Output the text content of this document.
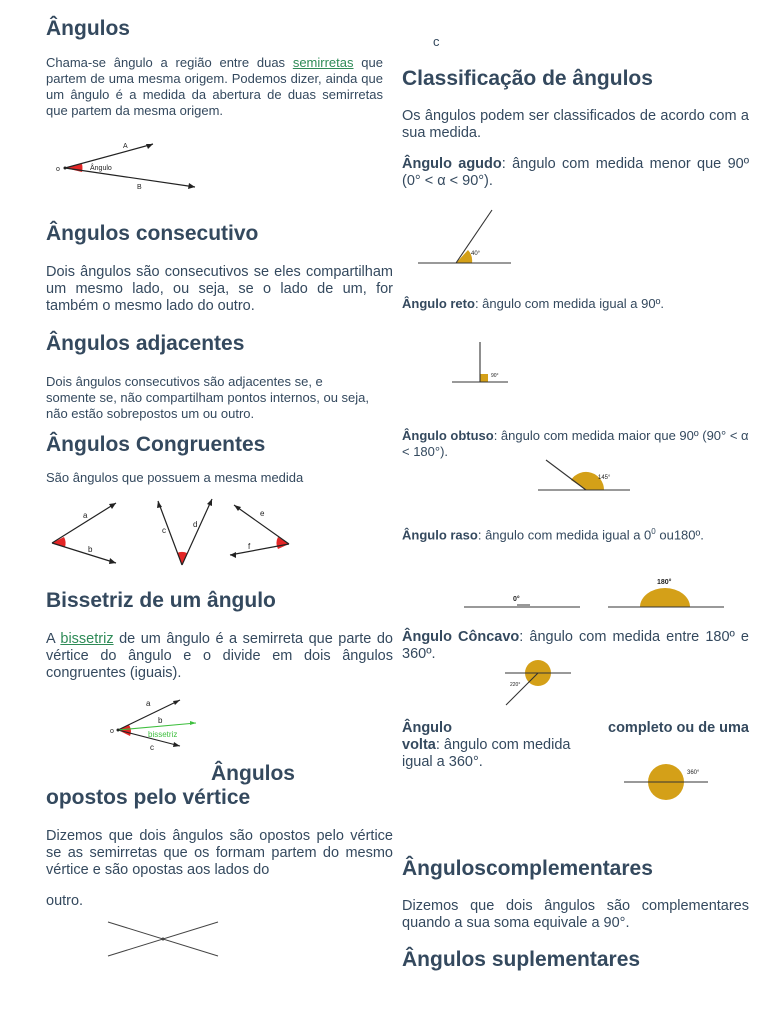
Ângulos

Chama-se ângulo a região entre duas semirretas que partem de uma mesma origem. Podemos dizer, ainda que um ângulo é a medida da abertura de duas semirretas que partem da mesma origem.

o
A
B
Ângulo
Ângulos consecutivo

Dois ângulos são consecutivos se eles compartilham um mesmo lado, ou seja, se o lado de um, for também o mesmo lado do outro.

Ângulos adjacentes

Dois ângulos consecutivos são adjacentes se, e somente se, não compartilham pontos internos, ou seja, não estão sobrepostos um ou outro.

Ângulos Congruentes

São ângulos que possuem a mesma medida

a
b
c
d
e
f
Bissetriz de um ângulo

A bissetriz de um ângulo é a semirreta que parte do vértice do ângulo e o divide em dois ângulos congruentes (iguais).

o
a
b
bissetriz
c
Ângulos
opostos pelo vértice

Dizemos que dois ângulos são opostos pelo vértice se as semirretas que os formam partem do mesmo vértice e são opostas aos lados do

outro.

c

Classificação de ângulos

Os ângulos podem ser classificados de acordo com a sua medida.

Ângulo agudo: ângulo com medida menor que 90º (0° < α < 90°).

40°

Ângulo reto: ângulo com medida igual a 90º.

90°

Ângulo obtuso: ângulo com medida maior que 90º (90° < α < 180°).

145°

Ângulo raso: ângulo com medida igual a $0^0$ ou180º.

0°
180°

Ângulo Côncavo: ângulo com medida entre 180º e 360º.

220°
Ângulo	completo ou de uma

volta: ângulo com medida
igual a 360°.

360°
Ânguloscomplementares

Dizemos que dois ângulos são complementares quando a sua soma equivale a 90°.

Ângulos suplementares
